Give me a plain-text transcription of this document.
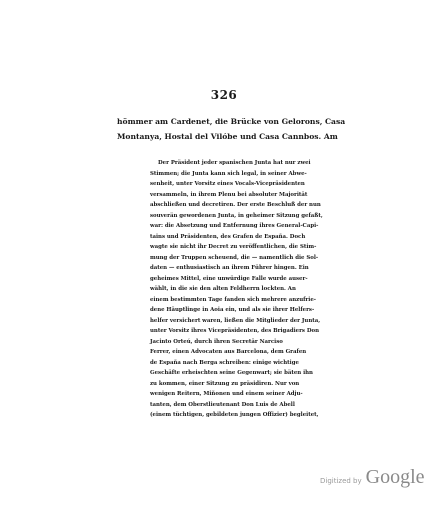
326
hömmer am Cardenet, die Brücke von Gelorons, Casa
Montanya, Hostal del Vilóbe und Casa Cannbos. Am
Der Präsident jeder spanischen Junta hat nur zwei
Stimmen; die Junta kann sich legal, in seiner Abwe-
senheit, unter Vorsitz eines Vocals-Vicepräsidenten
versammeln, in ihrem Plenu bei absoluter Majorität
abschließen und decretiren. Der erste Beschluß der nun
souverän gewordenen Junta, in geheimer Sitzung gefaßt,
war: die Absetzung und Entfernung ihres General-Capi-
tains und Präsidenten, des Grafen de España. Doch
wagte sie nicht ihr Decret zu veröffentlichen, die Stim-
mung der Truppen scheuend, die — namentlich die Sol-
daten — enthusiastisch an ihrem Führer hingen. Ein
geheimes Mittel, eine unwürdige Falle wurde auser-
wählt, in die sie den alten Feldherrn lockten. An
einem bestimmten Tage fanden sich mehrere anzufrie-
dene Häuptlinge in Aoia ein, und als sie ihrer Helfers-
helfer versichert waren, ließen die Mitglieder der Junta,
unter Vorsitz ihres Vicepräsidenten, des Brigadiers Don
Jacinto Orteú, durch ihren Secretär Narciso
Ferrer, einen Advocaten aus Barcelona, dem Grafen
de España nach Berga schreiben: einige wichtige
Geschäfte erheischten seine Gegenwart; sie bäten ihn
zu kommen, einer Sitzung zu präsidiren. Nur von
wenigen Reitern, Miñonen und einem seiner Adju-
tanten, dem Oberstlieutenant Don Luis de Abell
(einem tüchtigen, gebildeten jungen Offizier) begleitet,
Digitized by Google
